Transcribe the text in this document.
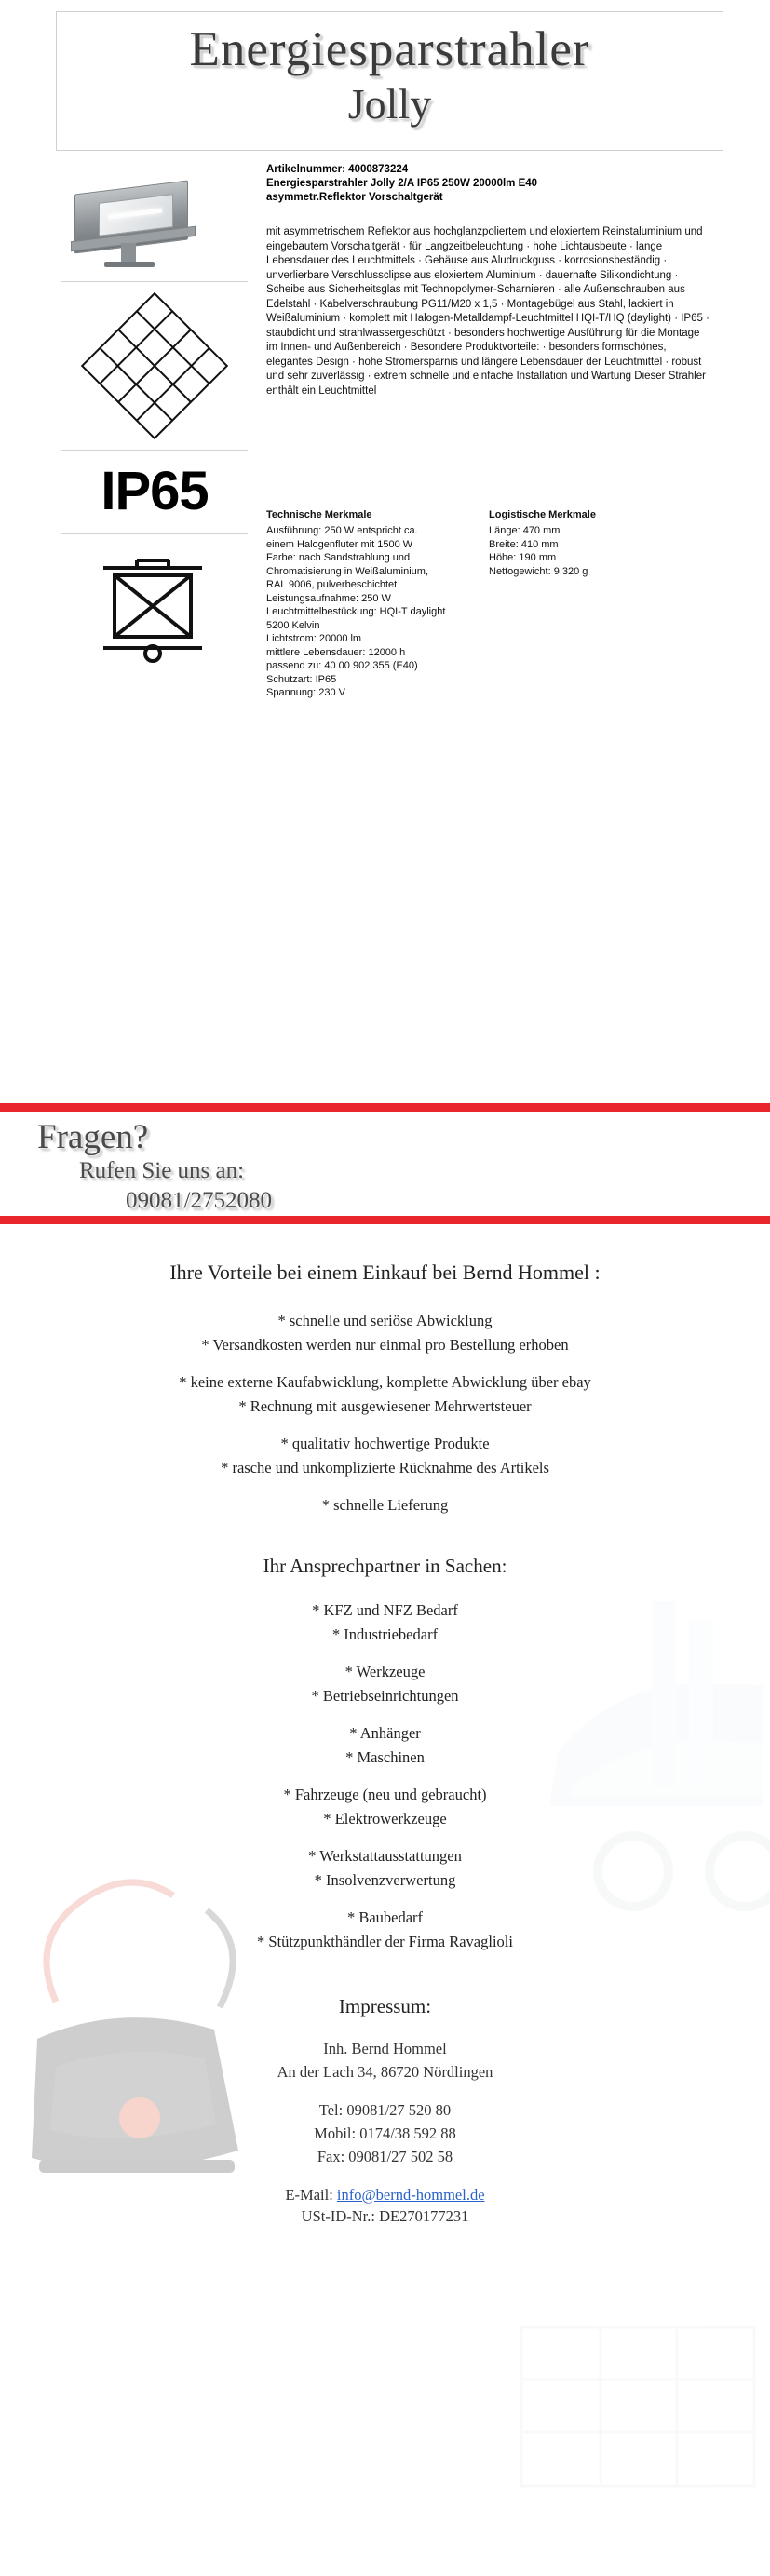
Energiesparstrahler
Jolly
IP65
Artikelnummer: 4000873224
Energiesparstrahler Jolly 2/A IP65 250W 20000lm E40
asymmetr.Reflektor Vorschaltgerät
mit asymmetrischem Reflektor aus hochglanzpoliertem und eloxiertem Reinstaluminium und eingebautem Vorschaltgerät · für Langzeitbeleuchtung · hohe Lichtausbeute · lange Lebensdauer des Leuchtmittels · Gehäuse aus Aludruckguss · korrosionsbeständig · unverlierbare Verschlussclipse aus eloxiertem Aluminium · dauerhafte Silikondichtung · Scheibe aus Sicherheitsglas mit Technopolymer-Scharnieren · alle Außenschrauben aus Edelstahl · Kabelverschraubung PG11/M20 x 1,5 · Montagebügel aus Stahl, lackiert in Weißaluminium · komplett mit Halogen-Metalldampf-Leuchtmittel HQI-T/HQ (daylight) · IP65 · staubdicht und strahlwassergeschützt · besonders hochwertige Ausführung für die Montage im Innen- und Außenbereich · Besondere Produktvorteile: · besonders formschönes, elegantes Design · hohe Stromersparnis und längere Lebensdauer der Leuchtmittel · robust und sehr zuverlässig · extrem schnelle und einfache Installation und Wartung Dieser Strahler enthält ein Leuchtmittel
Technische Merkmale
Ausführung: 250 W entspricht ca.
einem Halogenfluter mit 1500 W
Farbe: nach Sandstrahlung und
Chromatisierung in Weißaluminium,
RAL 9006, pulverbeschichtet
Leistungsaufnahme: 250 W
Leuchtmittelbestückung: HQI-T daylight
5200 Kelvin
Lichtstrom: 20000 lm
mittlere Lebensdauer: 12000 h
passend zu: 40 00 902 355 (E40)
Schutzart: IP65
Spannung: 230 V
Logistische Merkmale
Länge: 470 mm
Breite: 410 mm
Höhe: 190 mm
Nettogewicht: 9.320 g
Fragen?
Rufen Sie uns an:
09081/2752080
Ihre Vorteile bei einem Einkauf bei Bernd Hommel :
* schnelle und seriöse Abwicklung
* Versandkosten werden nur einmal pro Bestellung erhoben
* keine externe Kaufabwicklung, komplette Abwicklung über ebay
* Rechnung mit ausgewiesener Mehrwertsteuer
* qualitativ hochwertige Produkte
* rasche und unkomplizierte Rücknahme des Artikels
* schnelle Lieferung
Ihr Ansprechpartner in Sachen:
* KFZ und NFZ Bedarf
* Industriebedarf
* Werkzeuge
* Betriebseinrichtungen
* Anhänger
* Maschinen
* Fahrzeuge (neu und gebraucht)
* Elektrowerkzeuge
* Werkstattausstattungen
* Insolvenzverwertung
* Baubedarf
* Stützpunkthändler der Firma Ravaglioli
Impressum:
Inh. Bernd Hommel
An der Lach 34, 86720 Nördlingen
Tel: 09081/27 520 80
Mobil: 0174/38 592 88
Fax: 09081/27 502 58
E-Mail: info@bernd-hommel.de
USt-ID-Nr.: DE270177231
